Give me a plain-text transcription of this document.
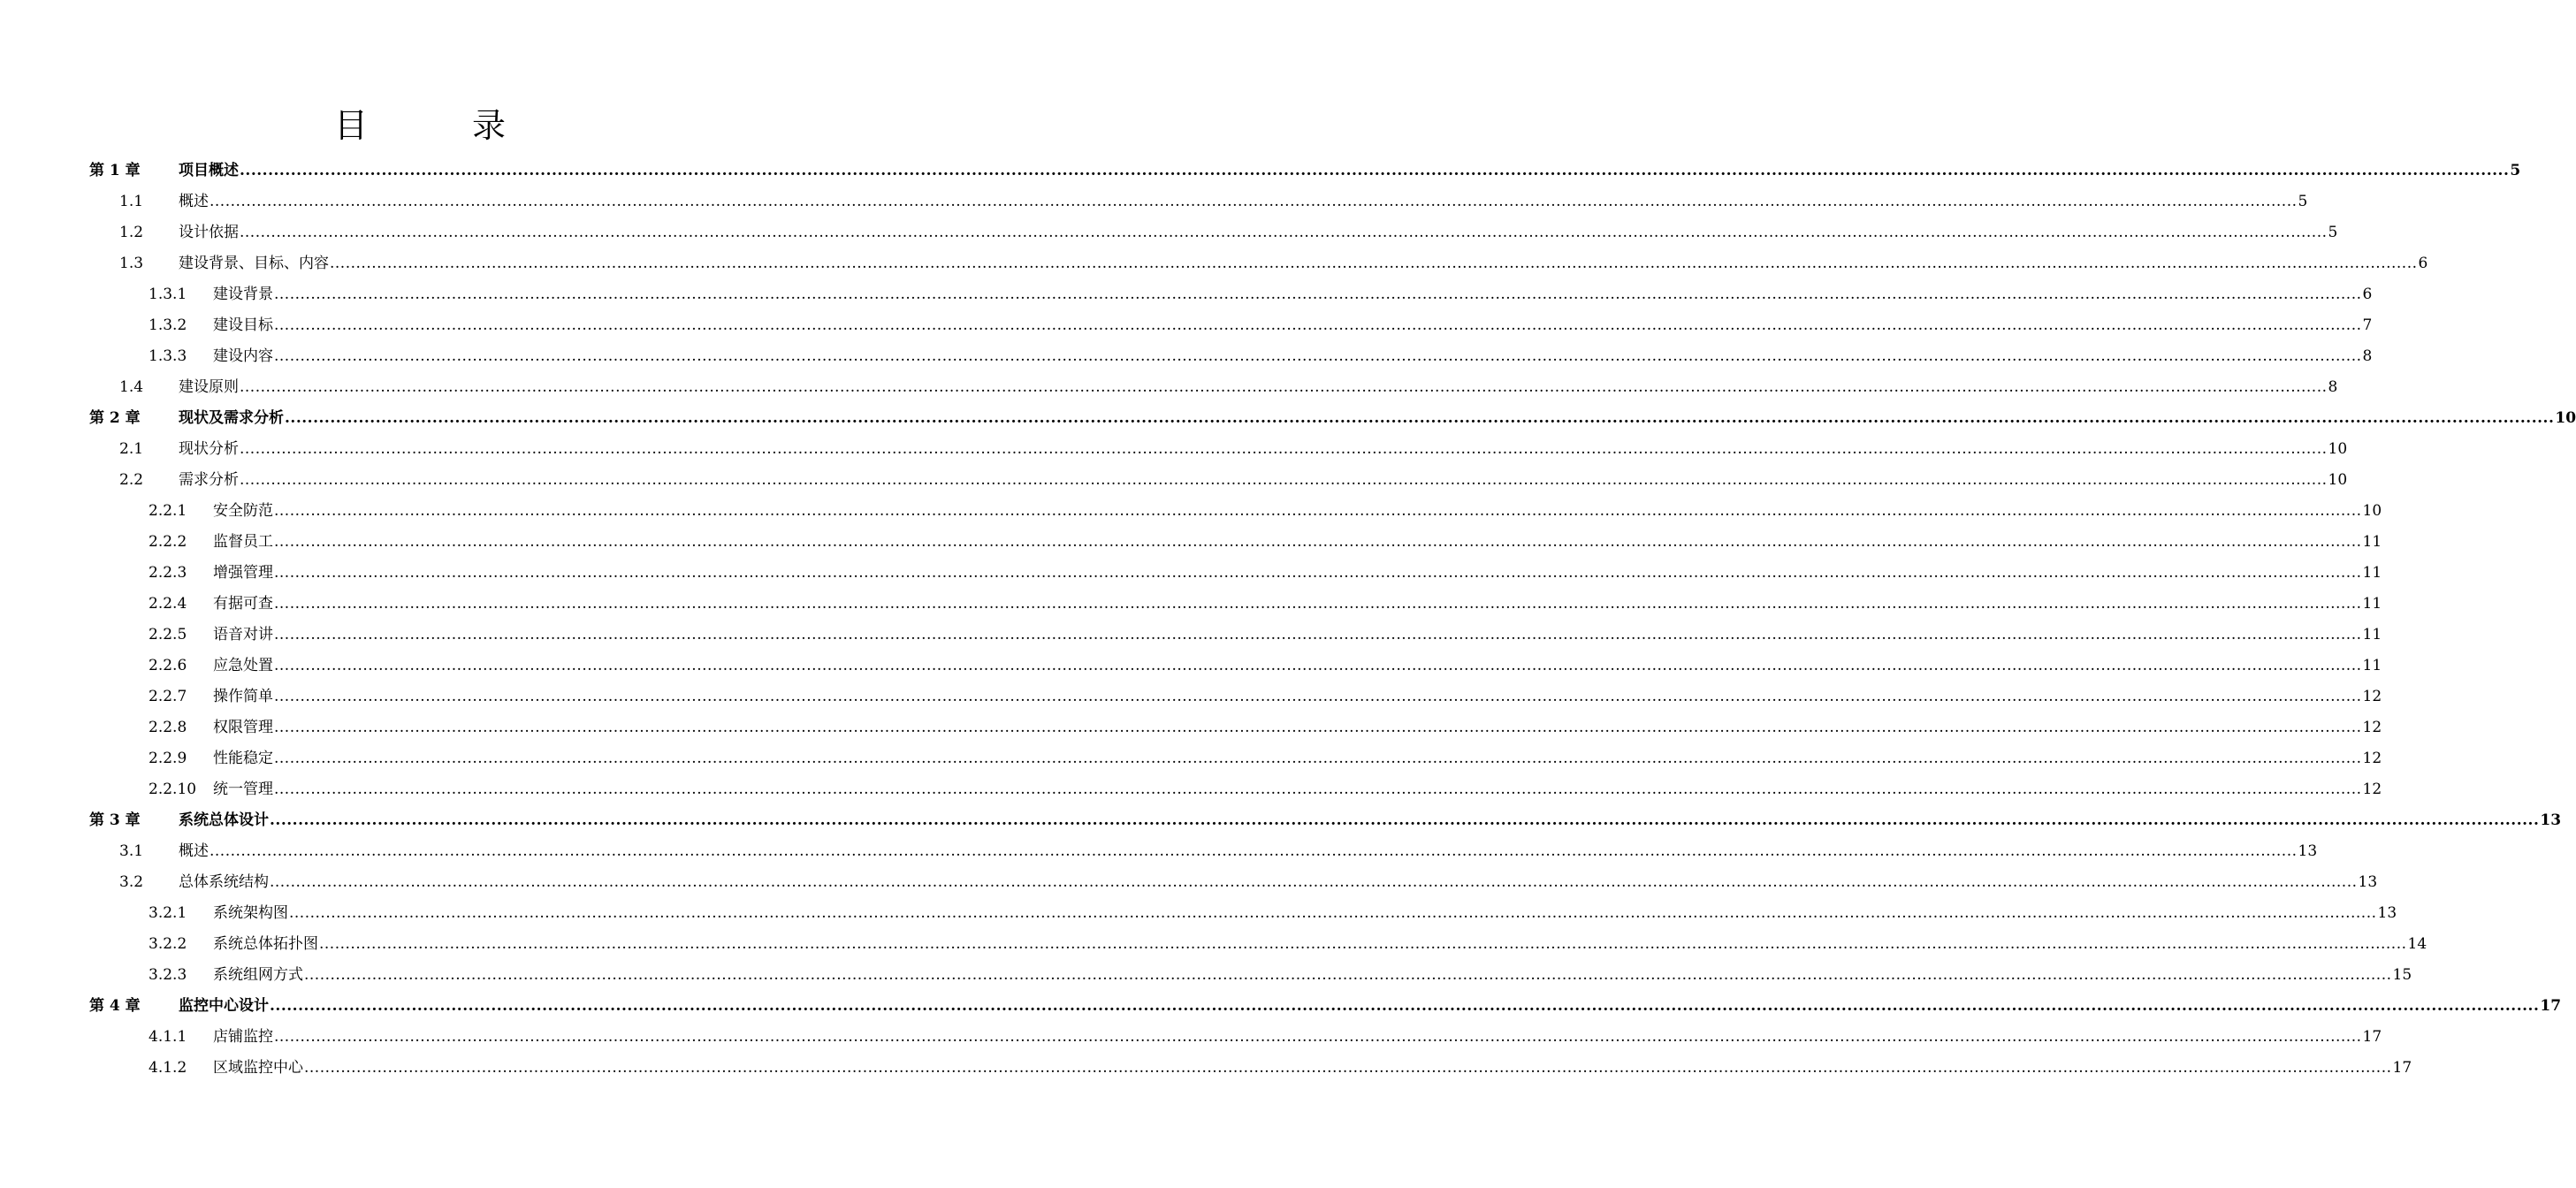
目　录
第 1 章	项目概述 ................................................................................................................................................................................................................................................................................................................................................................................................................ 5
1.1 概述 ................................................................................................................................................................................................................................................................................................................................................................................................................ 5
1.2 设计依据 ................................................................................................................................................................................................................................................................................................................................................................................................................ 5
1.3 建设背景、目标、内容 ................................................................................................................................................................................................................................................................................................................................................................................................................ 6
1.3.1 建设背景 ................................................................................................................................................................................................................................................................................................................................................................................................................ 6
1.3.2 建设目标 ................................................................................................................................................................................................................................................................................................................................................................................................................ 7
1.3.3 建设内容 ................................................................................................................................................................................................................................................................................................................................................................................................................ 8
1.4 建设原则 ................................................................................................................................................................................................................................................................................................................................................................................................................ 8
第 2 章	现状及需求分析 ................................................................................................................................................................................................................................................................................................................................................................................................................ 10
2.1 现状分析 ................................................................................................................................................................................................................................................................................................................................................................................................................ 10
2.2 需求分析 ................................................................................................................................................................................................................................................................................................................................................................................................................ 10
2.2.1 安全防范 ................................................................................................................................................................................................................................................................................................................................................................................................................ 10
2.2.2 监督员工 ................................................................................................................................................................................................................................................................................................................................................................................................................ 11
2.2.3 增强管理 ................................................................................................................................................................................................................................................................................................................................................................................................................ 11
2.2.4 有据可查 ................................................................................................................................................................................................................................................................................................................................................................................................................ 11
2.2.5 语音对讲 ................................................................................................................................................................................................................................................................................................................................................................................................................ 11
2.2.6 应急处置 ................................................................................................................................................................................................................................................................................................................................................................................................................ 11
2.2.7 操作简单 ................................................................................................................................................................................................................................................................................................................................................................................................................ 12
2.2.8 权限管理 ................................................................................................................................................................................................................................................................................................................................................................................................................ 12
2.2.9 性能稳定 ................................................................................................................................................................................................................................................................................................................................................................................................................ 12
2.2.10 统一管理 ................................................................................................................................................................................................................................................................................................................................................................................................................ 12
第 3 章	系统总体设计 ................................................................................................................................................................................................................................................................................................................................................................................................................ 13
3.1 概述 ................................................................................................................................................................................................................................................................................................................................................................................................................ 13
3.2 总体系统结构 ................................................................................................................................................................................................................................................................................................................................................................................................................ 13
3.2.1 系统架构图 ................................................................................................................................................................................................................................................................................................................................................................................................................ 13
3.2.2 系统总体拓扑图 ................................................................................................................................................................................................................................................................................................................................................................................................................ 14
3.2.3 系统组网方式 ................................................................................................................................................................................................................................................................................................................................................................................................................ 15
第 4 章	监控中心设计 ................................................................................................................................................................................................................................................................................................................................................................................................................ 17
4.1.1 店铺监控 ................................................................................................................................................................................................................................................................................................................................................................................................................ 17
4.1.2 区域监控中心 ................................................................................................................................................................................................................................................................................................................................................................................................................ 17
